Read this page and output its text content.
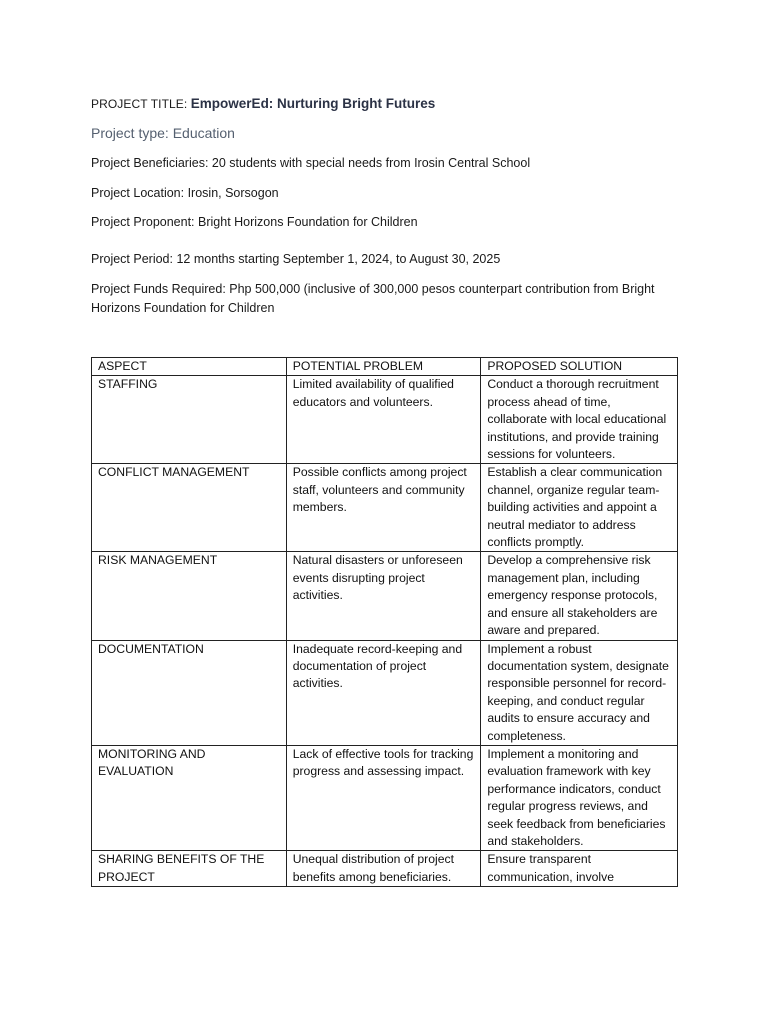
PROJECT TITLE: EmpowerEd: Nurturing Bright Futures
Project type: Education
Project Beneficiaries: 20 students with special needs from Irosin Central School
Project Location: Irosin, Sorsogon
Project Proponent: Bright Horizons Foundation for Children
Project Period: 12 months starting September 1, 2024, to August 30, 2025
Project Funds Required: Php 500,000 (inclusive of 300,000 pesos counterpart contribution from Bright Horizons Foundation for Children
ASPECT	POTENTIAL PROBLEM	PROPOSED SOLUTION
STAFFING	Limited availability of qualified educators and volunteers.	Conduct a thorough recruitment process ahead of time, collaborate with local educational institutions, and provide training sessions for volunteers.
CONFLICT MANAGEMENT	Possible conflicts among project staff, volunteers and community members.	Establish a clear communication channel, organize regular team-building activities and appoint a neutral mediator to address conflicts promptly.
RISK MANAGEMENT	Natural disasters or unforeseen events disrupting project activities.	Develop a comprehensive risk management plan, including emergency response protocols, and ensure all stakeholders are aware and prepared.
DOCUMENTATION	Inadequate record-keeping and documentation of project activities.	Implement a robust documentation system, designate responsible personnel for record-keeping, and conduct regular audits to ensure accuracy and completeness.
MONITORING AND EVALUATION	Lack of effective tools for tracking progress and assessing impact.	Implement a monitoring and evaluation framework with key performance indicators, conduct regular progress reviews, and seek feedback from beneficiaries and stakeholders.
SHARING BENEFITS OF THE PROJECT	Unequal distribution of project benefits among beneficiaries.	Ensure transparent communication, involve
